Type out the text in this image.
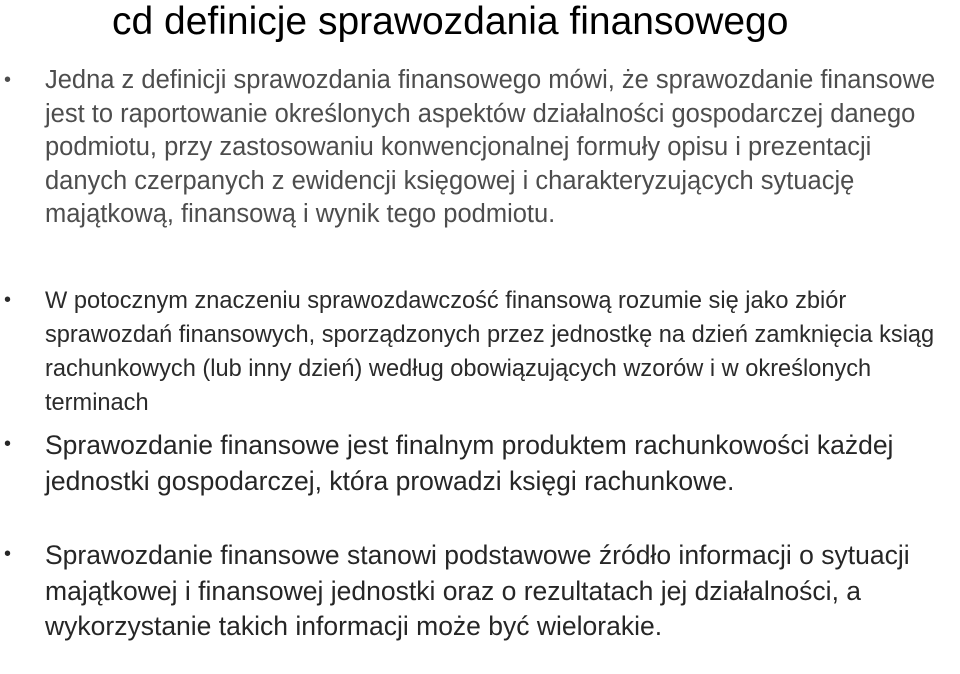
cd definicje sprawozdania finansowego
• Jedna z definicji sprawozdania finansowego mówi, że sprawozdanie finansowe jest to raportowanie określonych aspektów działalności gospodarczej danego podmiotu, przy zastosowaniu konwencjonalnej formuły opisu i prezentacji danych czerpanych z ewidencji księgowej i charakteryzujących sytuację majątkową, finansową i wynik tego podmiotu.

• W potocznym znaczeniu sprawozdawczość finansową rozumie się jako zbiór sprawozdań finansowych, sporządzonych przez jednostkę na dzień zamknięcia ksiąg rachunkowych (lub inny dzień) według obowiązujących wzorów i w określonych terminach

• Sprawozdanie finansowe jest finalnym produktem rachunkowości każdej jednostki gospodarczej, która prowadzi księgi rachunkowe.

• Sprawozdanie finansowe stanowi podstawowe źródło informacji o sytuacji majątkowej i finansowej jednostki oraz o rezultatach jej działalności, a wykorzystanie takich informacji może być wielorakie.
